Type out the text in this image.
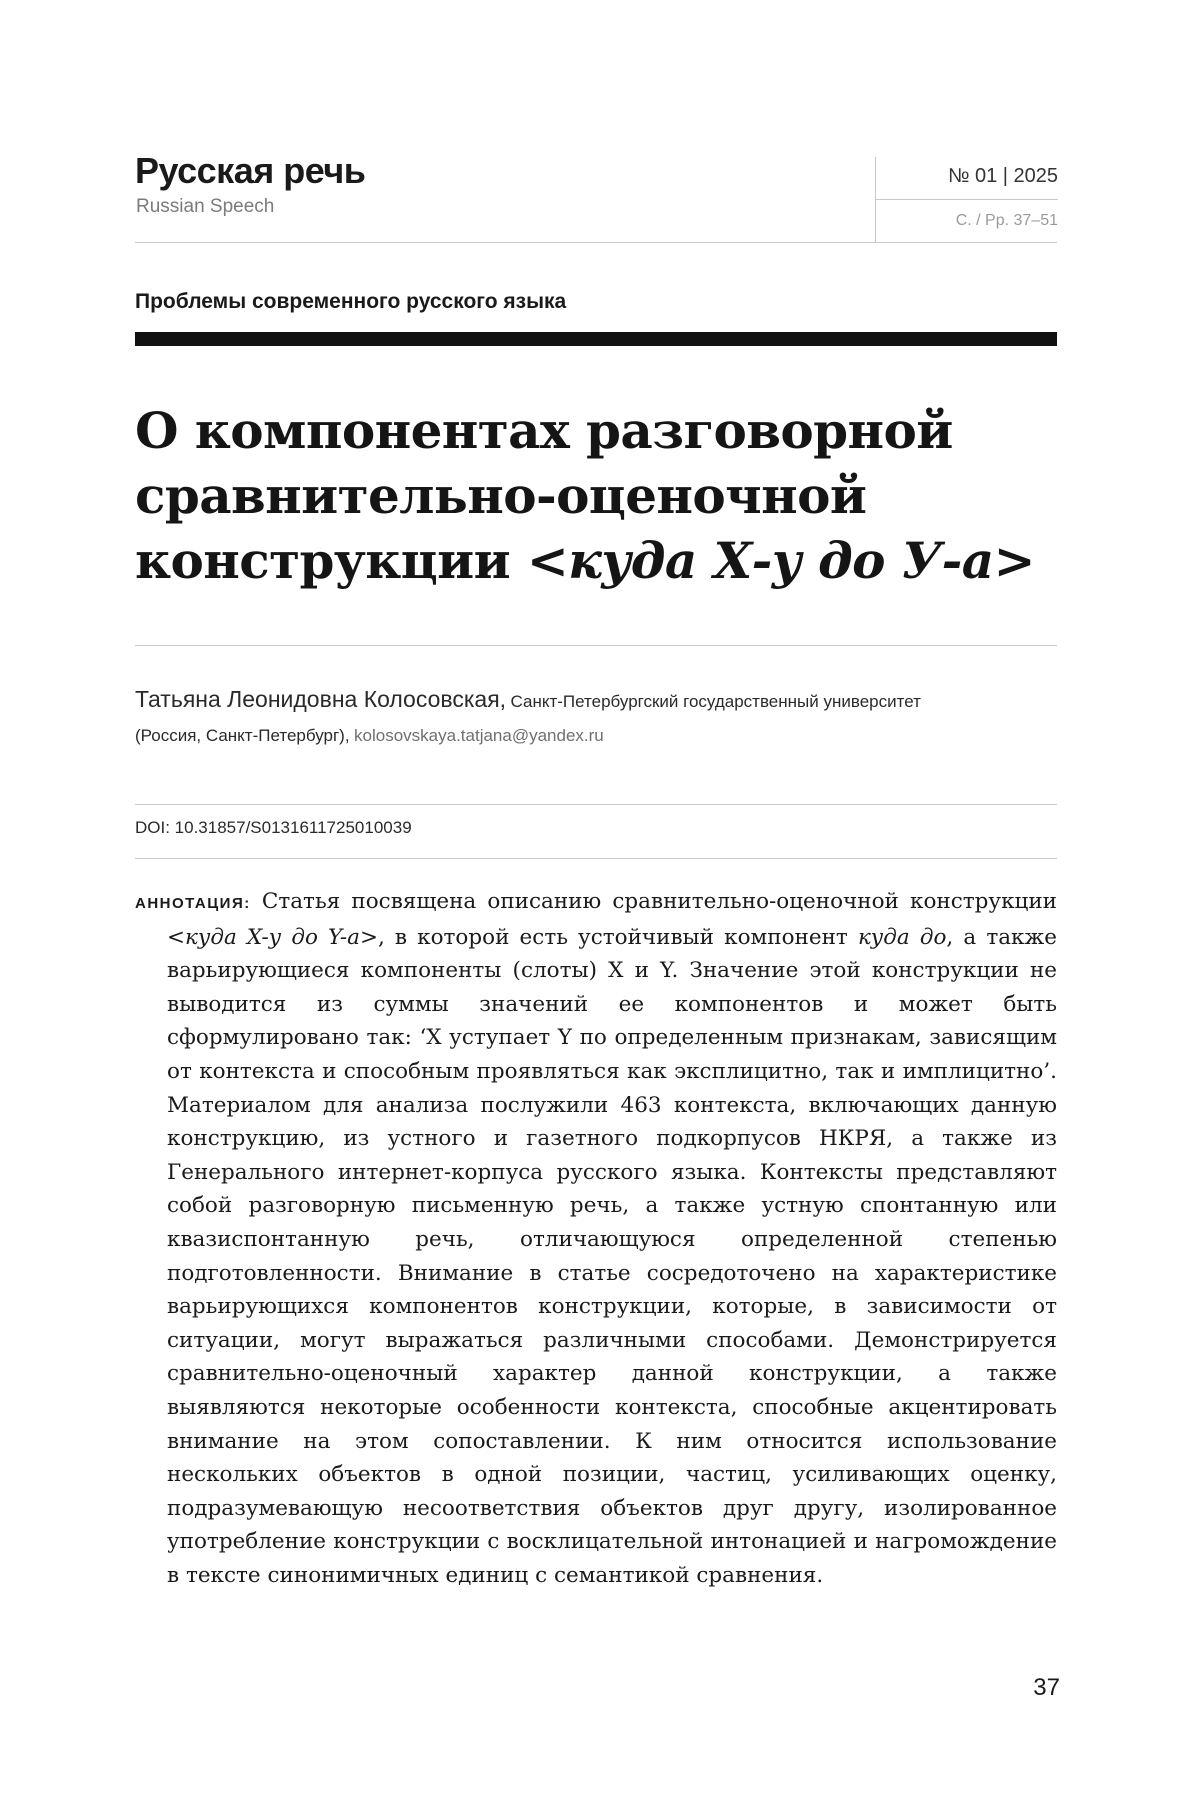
Русская речь
Russian Speech
№ 01 | 2025
С. / Pp. 37–51
Проблемы современного русского языка
О компонентах разговорной
сравнительно-оценочной
конструкции <куда Х-у до У-а>
Татьяна Леонидовна Колосовская, Санкт-Петербургский государственный университет
(Россия, Санкт-Петербург), kolosovskaya.tatjana@yandex.ru
DOI: 10.31857/S0131611725010039

АННОТАЦИЯ: Статья посвящена описанию сравнительно-оценочной конструкции <куда X-у до Y-а>, в которой есть устойчивый компонент куда до, а также варьирующиеся компоненты (слоты) X и Y. Значение этой конструкции не выводится из суммы значений ее компонентов и может быть сформулировано так: ‘X уступает Y по определенным признакам, зависящим от контекста и способным проявляться как эксплицитно, так и имплицитно’. Материалом для анализа послужили 463 контекста, включающих данную конструкцию, из устного и газетного подкорпусов НКРЯ, а также из Генерального интернет-корпуса русского языка. Контексты представляют собой разговорную письменную речь, а также устную спонтанную или квазиспонтанную речь, отличающуюся определенной степенью подготовленности. Внимание в статье сосредоточено на характеристике варьирующихся компонентов конструкции, которые, в зависимости от ситуации, могут выражаться различными способами. Демонстрируется сравнительно-оценочный характер данной конструкции, а также выявляются некоторые особенности контекста, способные акцентировать внимание на этом сопоставлении. К ним относится использование нескольких объектов в одной позиции, частиц, усиливающих оценку, подразумевающую несоответствия объектов друг другу, изолированное употребление конструкции с восклицательной интонацией и нагромождение в тексте синонимичных единиц с семантикой сравнения.

37
